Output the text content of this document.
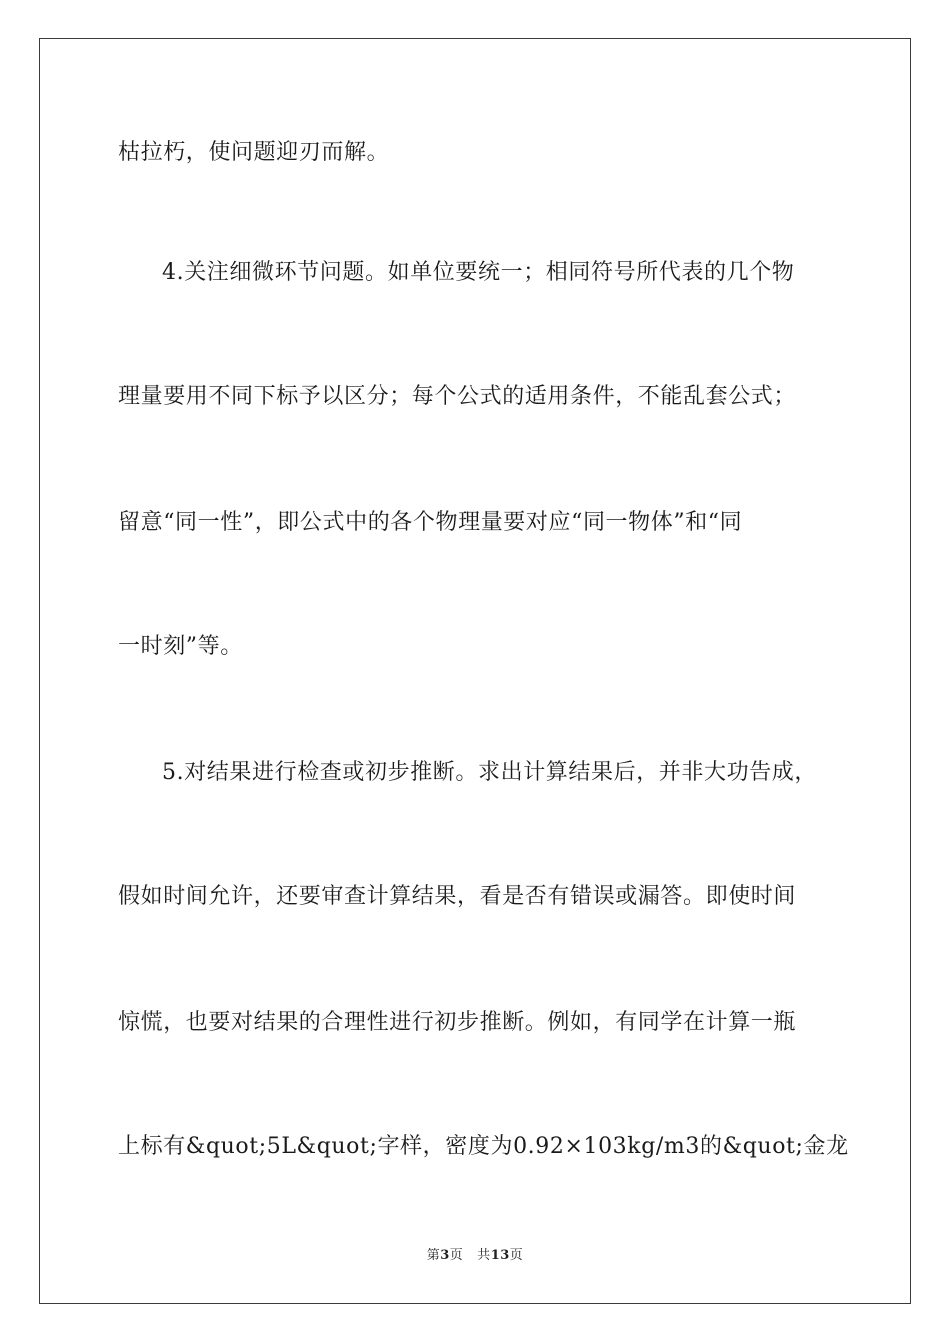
枯拉朽，使问题迎刃而解。
4.关注细微环节问题。如单位要统一；相同符号所代表的几个物
理量要用不同下标予以区分；每个公式的适用条件，不能乱套公式；
留意“同一性”，即公式中的各个物理量要对应“同一物体”和“同
一时刻”等。
5.对结果进行检查或初步推断。求出计算结果后，并非大功告成，
假如时间允许，还要审查计算结果，看是否有错误或漏答。即使时间
惊慌，也要对结果的合理性进行初步推断。例如，有同学在计算一瓶
上标有&quot;5L&quot;字样，密度为0.92×103kg/m3的&quot;金龙
第3页 共13页
